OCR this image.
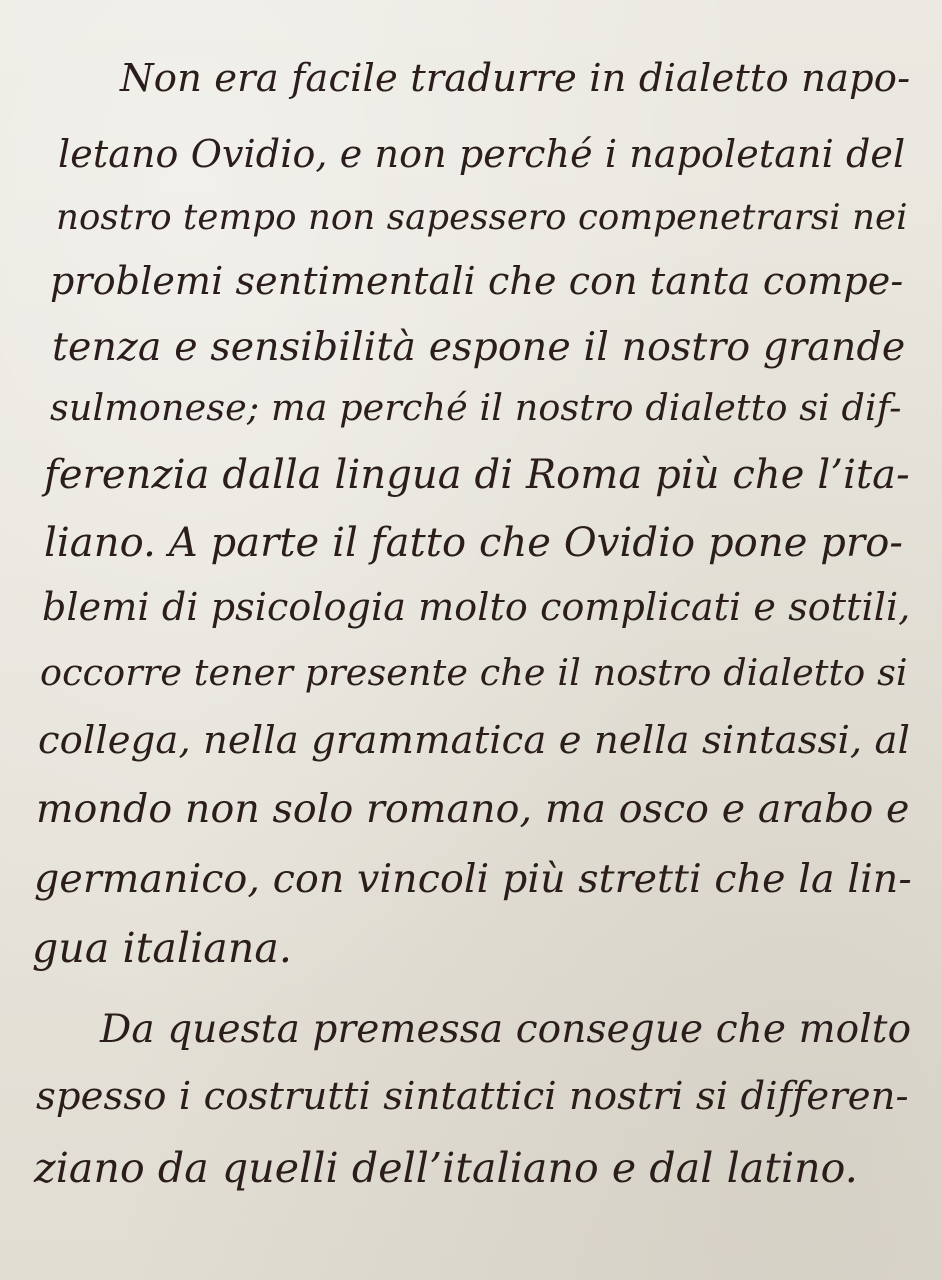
Non era facile tradurre in dialetto napo-
letano Ovidio, e non perché i napoletani del
nostro tempo non sapessero compenetrarsi nei
problemi sentimentali che con tanta compe-
tenza e sensibilità espone il nostro grande
sulmonese; ma perché il nostro dialetto si dif-
ferenzia dalla lingua di Roma più che l’ita-
liano. A parte il fatto che Ovidio pone pro-
blemi di psicologia molto complicati e sottili,
occorre tener presente che il nostro dialetto si
collega, nella grammatica e nella sintassi, al
mondo non solo romano, ma osco e arabo e
germanico, con vincoli più stretti che la lin-
gua italiana.
Da questa premessa consegue che molto
spesso i costrutti sintattici nostri si differen-
ziano da quelli dell’italiano e dal latino.
